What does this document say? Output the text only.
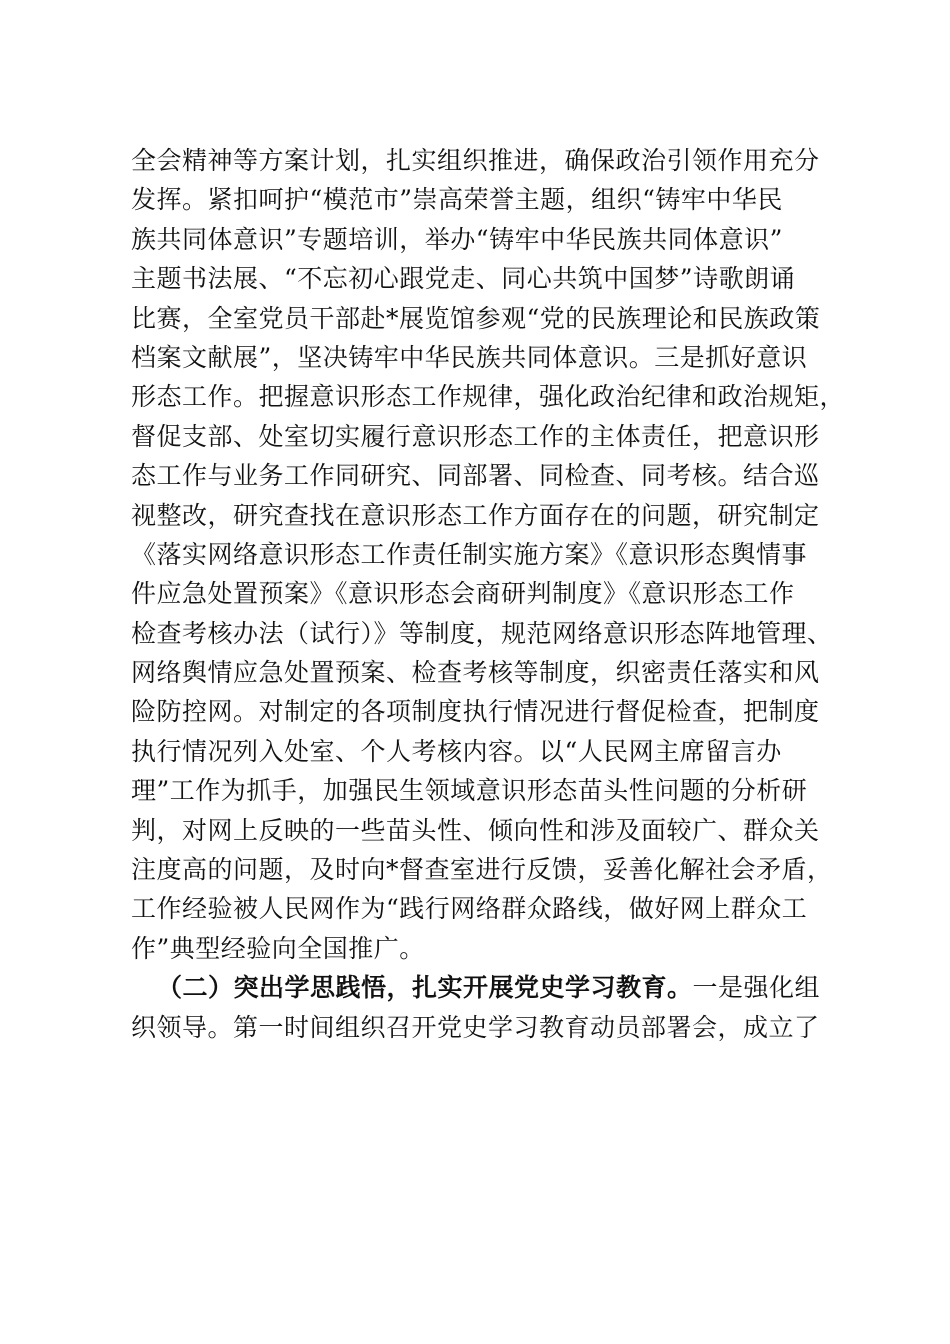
全会精神等方案计划，扎实组织推进，确保政治引领作用充分
发挥。紧扣呵护“模范市”崇高荣誉主题，组织“铸牢中华民
族共同体意识”专题培训，举办“铸牢中华民族共同体意识”
主题书法展、“不忘初心跟党走、同心共筑中国梦”诗歌朗诵
比赛，全室党员干部赴*展览馆参观“党的民族理论和民族政策
档案文献展”，坚决铸牢中华民族共同体意识。三是抓好意识
形态工作。把握意识形态工作规律，强化政治纪律和政治规矩，
督促支部、处室切实履行意识形态工作的主体责任，把意识形
态工作与业务工作同研究、同部署、同检查、同考核。结合巡
视整改，研究查找在意识形态工作方面存在的问题，研究制定
《落实网络意识形态工作责任制实施方案》《意识形态舆情事
件应急处置预案》《意识形态会商研判制度》《意识形态工作
检查考核办法（试行）》等制度，规范网络意识形态阵地管理、
网络舆情应急处置预案、检查考核等制度，织密责任落实和风
险防控网。对制定的各项制度执行情况进行督促检查，把制度
执行情况列入处室、个人考核内容。以“人民网主席留言办
理”工作为抓手，加强民生领域意识形态苗头性问题的分析研
判，对网上反映的一些苗头性、倾向性和涉及面较广、群众关
注度高的问题，及时向*督查室进行反馈，妥善化解社会矛盾，
工作经验被人民网作为“践行网络群众路线，做好网上群众工
作”典型经验向全国推广。
（二）突出学思践悟，扎实开展党史学习教育。一是强化组
织领导。第一时间组织召开党史学习教育动员部署会，成立了
